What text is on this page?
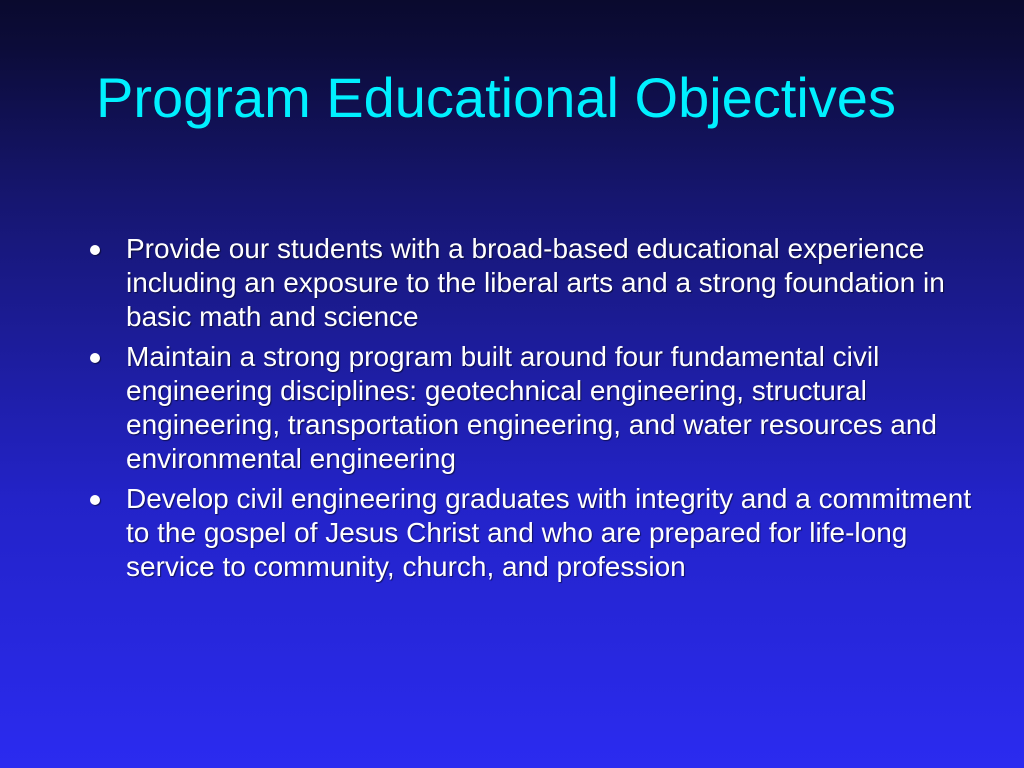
Program Educational Objectives
Provide our students with a broad-based educational experience including an exposure to the liberal arts and a strong foundation in basic math and science
Maintain a strong program built around four fundamental civil engineering disciplines: geotechnical engineering, structural engineering, transportation engineering, and water resources and environmental engineering
Develop civil engineering graduates with integrity and a commitment to the gospel of Jesus Christ and who are prepared for life-long service to community, church, and profession
